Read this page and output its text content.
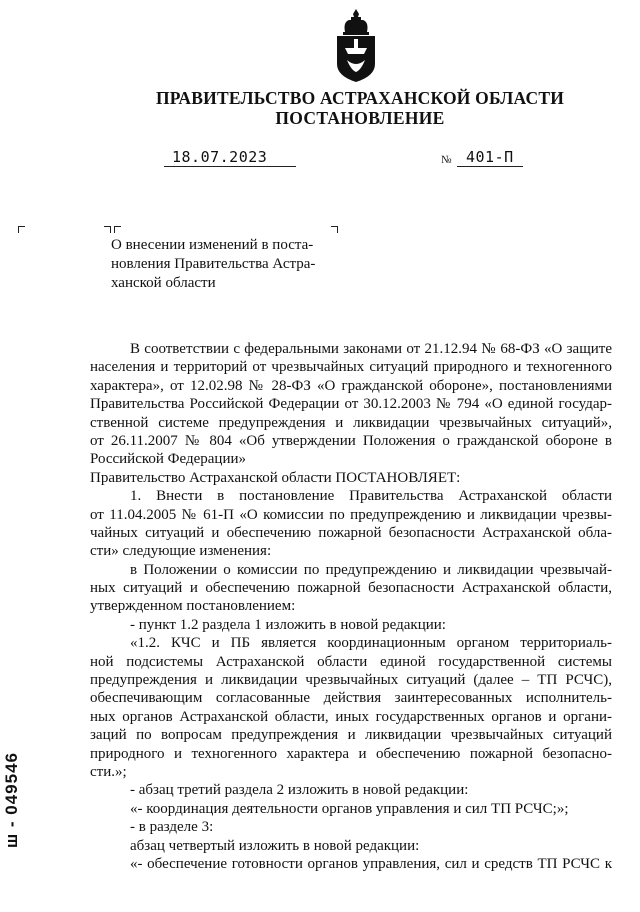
ПРАВИТЕЛЬСТВО АСТРАХАНСКОЙ ОБЛАСТИ
ПОСТАНОВЛЕНИЕ
18.07.2023	№ 401-П
О внесении изменений в поста-
новления Правительства Астра-
ханской области
В соответствии с федеральными законами от 21.12.94 № 68-ФЗ «О защите
населения и территорий от чрезвычайных ситуаций природного и техногенного
характера», от 12.02.98 № 28-ФЗ «О гражданской обороне», постановлениями
Правительства Российской Федерации от 30.12.2003 № 794 «О единой государ-
ственной системе предупреждения и ликвидации чрезвычайных ситуаций»,
от 26.11.2007 № 804 «Об утверждении Положения о гражданской обороне в
Российской Федерации»
Правительство Астраханской области ПОСТАНОВЛЯЕТ:
1. Внести в постановление Правительства Астраханской области
от 11.04.2005 № 61-П «О комиссии по предупреждению и ликвидации чрезвы-
чайных ситуаций и обеспечению пожарной безопасности Астраханской обла-
сти» следующие изменения:
в Положении о комиссии по предупреждению и ликвидации чрезвычай-
ных ситуаций и обеспечению пожарной безопасности Астраханской области,
утвержденном постановлением:
- пункт 1.2 раздела 1 изложить в новой редакции:
«1.2. КЧС и ПБ является координационным органом территориаль-
ной подсистемы Астраханской области единой государственной системы
предупреждения и ликвидации чрезвычайных ситуаций (далее – ТП РСЧС),
обеспечивающим согласованные действия заинтересованных исполнитель-
ных органов Астраханской области, иных государственных органов и органи-
заций по вопросам предупреждения и ликвидации чрезвычайных ситуаций
природного и техногенного характера и обеспечению пожарной безопасно-
сти.»;
- абзац третий раздела 2 изложить в новой редакции:
«- координация деятельности органов управления и сил ТП РСЧС;»;
- в разделе 3:
абзац четвертый изложить в новой редакции:
«- обеспечение готовности органов управления, сил и средств ТП РСЧС к
ш - 049546
